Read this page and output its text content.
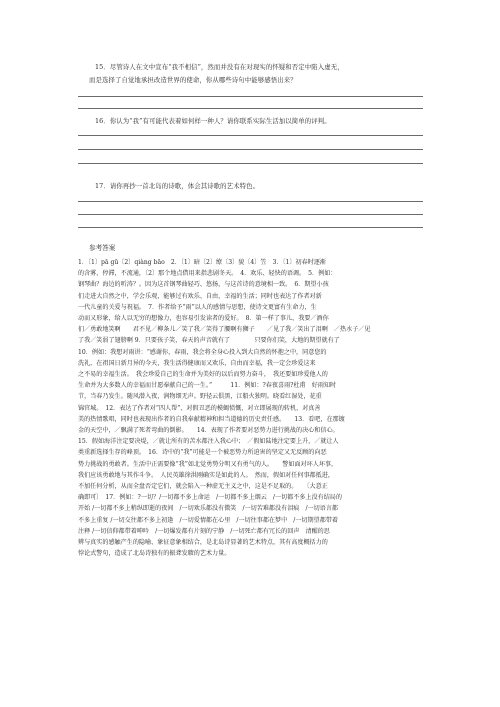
15．尽管诗人在文中宣布“我不相信”，然而并没有在对现实的怀疑和否定中陷入虚无，
而是选择了自觉地承担改造世界的使命，你从哪些诗句中能够感悟出来？
16．你认为“我”有可能代表着如何样一种人？请你联系实际生活加以简单的评判。
17．请你再抄一首北岛的诗歌，体会其诗歌的艺术特色。
参考答案

1．〔1〕pā gū〔2〕qiàng bāo　2．〔1〕暗〔2〕缭〔3〕貌〔4〕笠　3．〔1〕初春时逐渐

的含雾，停滞，不流通，〔2〕那个地点借用来指悲剧冬天。　4．欢乐、轻快的语调。　5．例如：

钢琴曲？海边的听涛？。因为这首钢琴曲轻巧、悠扬，与这首诗的意境相一致。　6．期望小孩

们走进大自然之中，学会乐观，能够过有欢乐、自由，幸福的生活；同时也表达了作者对新

一代儿童的关爱与祝福。　7．作者给予“雨”以人的感情与思想，使诗文更富有生命力，生

动而又形象，给人以无穷的想像力，也容易引发读者的爱好。　8．第一样了事儿，我要／酒你

们／勇敢地笑啊　　君不见／柳条儿／笑了我／笑得了腰啊有狮子　　／见了我／笑出了泪啊　／热水子／见

了我／笑弱了翅膀啊 9．只要孩子笑，春天的声音就有了　　　　只要你们笑，大地的期望就有了

10．例如：我想对雨讲：“感谢你，春雨，我会将全身心投入到大自然的怀抱之中，同意您的

洗礼，在祖国日新月异的今天，我生活得健康而又欢乐，自由而幸福，我一定会珍爱这来

之不易的幸福生活。　我会珍爱自己的生命并为美好的以后而努力奋斗，　我还要如珍爱他人的

生命并为大多数人的幸福而甘愿奉献自己的一生。”　　　11．例如：?春夜喜雨?杜甫　好雨知时

节，当春乃发生。随风潜入夜，润物细无声。野径云俱黑，江船火独明。晓看红湿处，花重

锦官城。　12．表达了作者对“四人帮”、对假丑恶的模蝎愤慨，对立即展现的转机，对真善

美的热情歌唱，同时也表现出作者的自我奉献精神和担当道德的历史责任感。　　13．看吧，在那镀

金的天空中，／飘满了死者弯曲的倒影。　　14．表现了作者要对恶势力进行挑战的决心和信心。

15．假如海洋注定要决堤，／就让所有的苦水都注入我心中；　／假如陆地注定要上升，／就让人

类重新选择生存的峰顶。　16．诗中的“我”可能是一个被恶势力所迫害的坚定又无反顾的向恶

势力挑战的勇敢者。生活中正需要像“我”如北觉勇势分明又有勇气的人。　　警如面对坏人坏事，

我们应该勇敢地与其作斗争。　人民英雄徐洪刚确实是如此的人。　然而，假如对任何事都抵进，

不加任何分析，从而全盘否定它们，就会陷入一种虚无主义之中，这是不足取的。　　〔大意正

确即可〕　17．例如：?一切？/一切都不多上命运　/一切都不多上烟云　/一切都不多上没有结局的

开始 /一切都不多上稍纵即逝的夜间　/一切欢乐都没有微笑　/一切苦难都没有泪痕　/一切语言都

不多上重复 /一切交往都不多上初逢　/一切爱情都在心里　/一切往事都在梦中　/一切期望都带着

注释 /一切信仰都带着呻吟　/一切爆发都有片刻的宁静　/一切死亡都有冗长的回声　清醒的思

辨与真实的感触产生的隐喻、象征意象相结合，是北岛诗显著的艺术特点，其有高度概括力的

悖论式警句，造成了北岛诗独有的振聋发聩的艺术力量。
